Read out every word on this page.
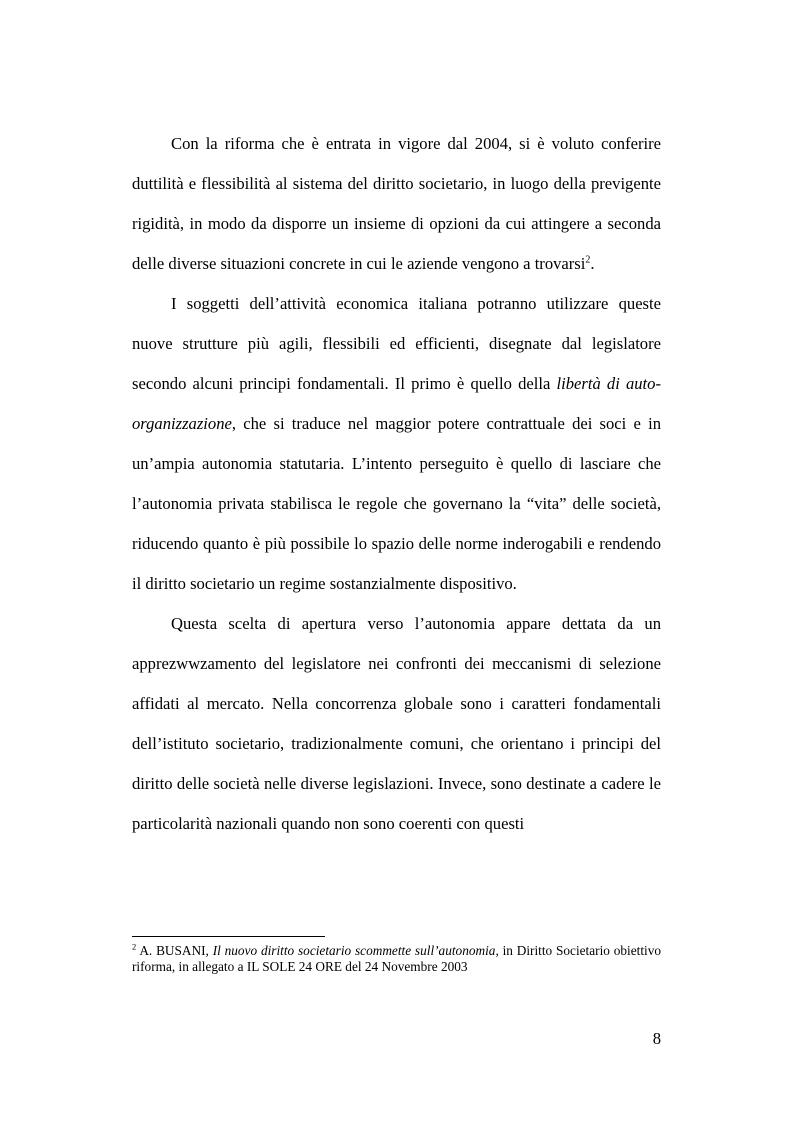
Con la riforma che è entrata in vigore dal 2004, si è voluto conferire duttilità e flessibilità al sistema del diritto societario, in luogo della previgente rigidità, in modo da disporre un insieme di opzioni da cui attingere a seconda delle diverse situazioni concrete in cui le aziende vengono a trovarsi$^2$.

I soggetti dell’attività economica italiana potranno utilizzare queste nuove strutture più agili, flessibili ed efficienti, disegnate dal legislatore secondo alcuni principi fondamentali. Il primo è quello della libertà di auto-organizzazione, che si traduce nel maggior potere contrattuale dei soci e in un’ampia autonomia statutaria. L’intento perseguito è quello di lasciare che l’autonomia privata stabilisca le regole che governano la “vita” delle società, riducendo quanto è più possibile lo spazio delle norme inderogabili e rendendo il diritto societario un regime sostanzialmente dispositivo.

Questa scelta di apertura verso l’autonomia appare dettata da un apprezwwzamento del legislatore nei confronti dei meccanismi di selezione affidati al mercato. Nella concorrenza globale sono i caratteri fondamentali dell’istituto societario, tradizionalmente comuni, che orientano i principi del diritto delle società nelle diverse legislazioni. Invece, sono destinate a cadere le particolarità nazionali quando non sono coerenti con questi

$^2$ A. BUSANI, Il nuovo diritto societario scommette sull’autonomia, in Diritto Societario obiettivo riforma, in allegato a IL SOLE 24 ORE del 24 Novembre 2003

8
